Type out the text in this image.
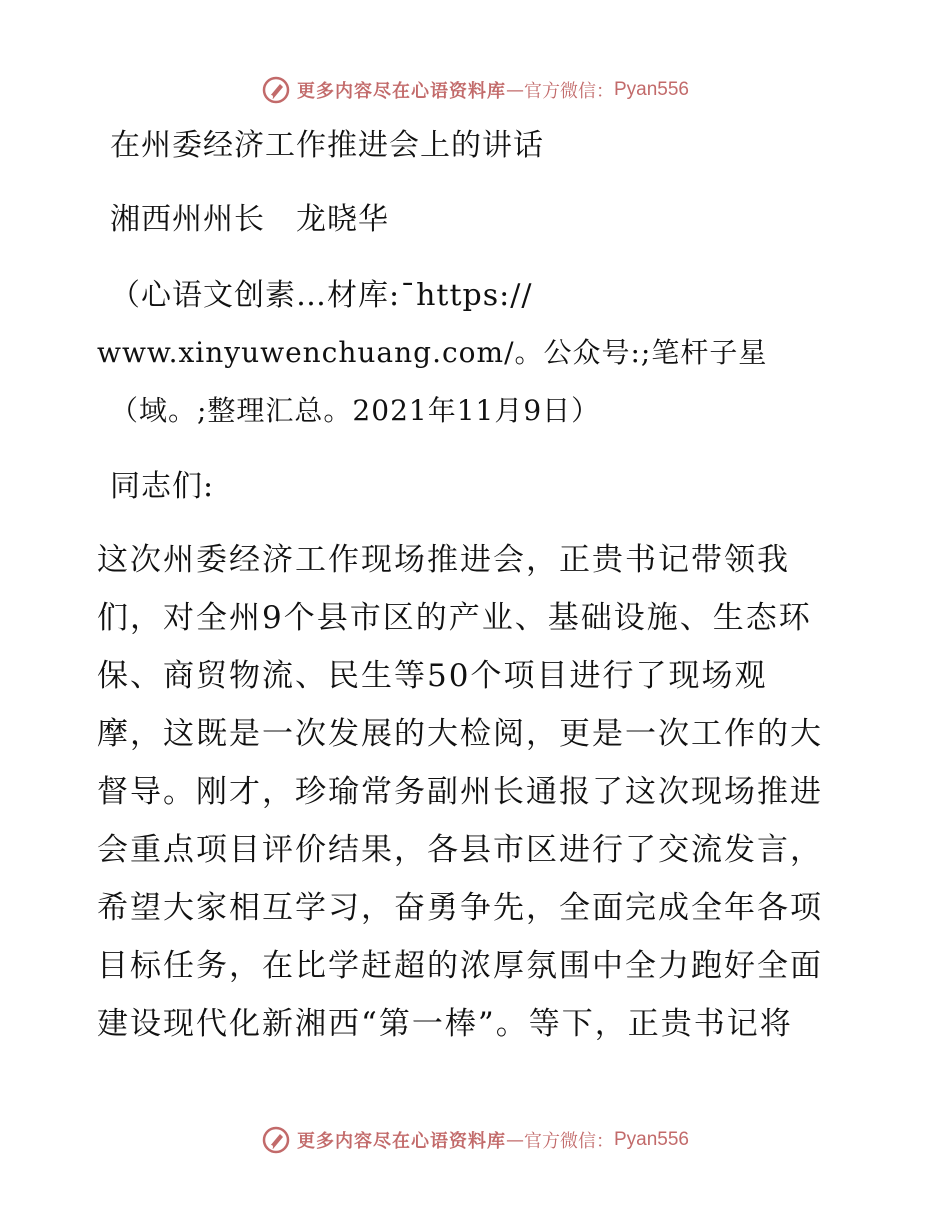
更多内容尽在心语资料库 — 官方微信： Pyan556
在州委经济工作推进会上的讲话
湘西州州长　龙晓华
（心语文创素…材库:¯https://
www.xinyuwenchuang.com/。公众号:;笔杆子星
（域。;整理汇总。2021年11月9日）
同志们:
这次州委经济工作现场推进会，正贵书记带领我
们，对全州9个县市区的产业、基础设施、生态环
保、商贸物流、民生等50个项目进行了现场观
摩，这既是一次发展的大检阅，更是一次工作的大
督导。刚才，珍瑜常务副州长通报了这次现场推进
会重点项目评价结果，各县市区进行了交流发言，
希望大家相互学习，奋勇争先，全面完成全年各项
目标任务，在比学赶超的浓厚氛围中全力跑好全面
建设现代化新湘西“第一棒”。等下，正贵书记将
更多内容尽在心语资料库 — 官方微信： Pyan556
